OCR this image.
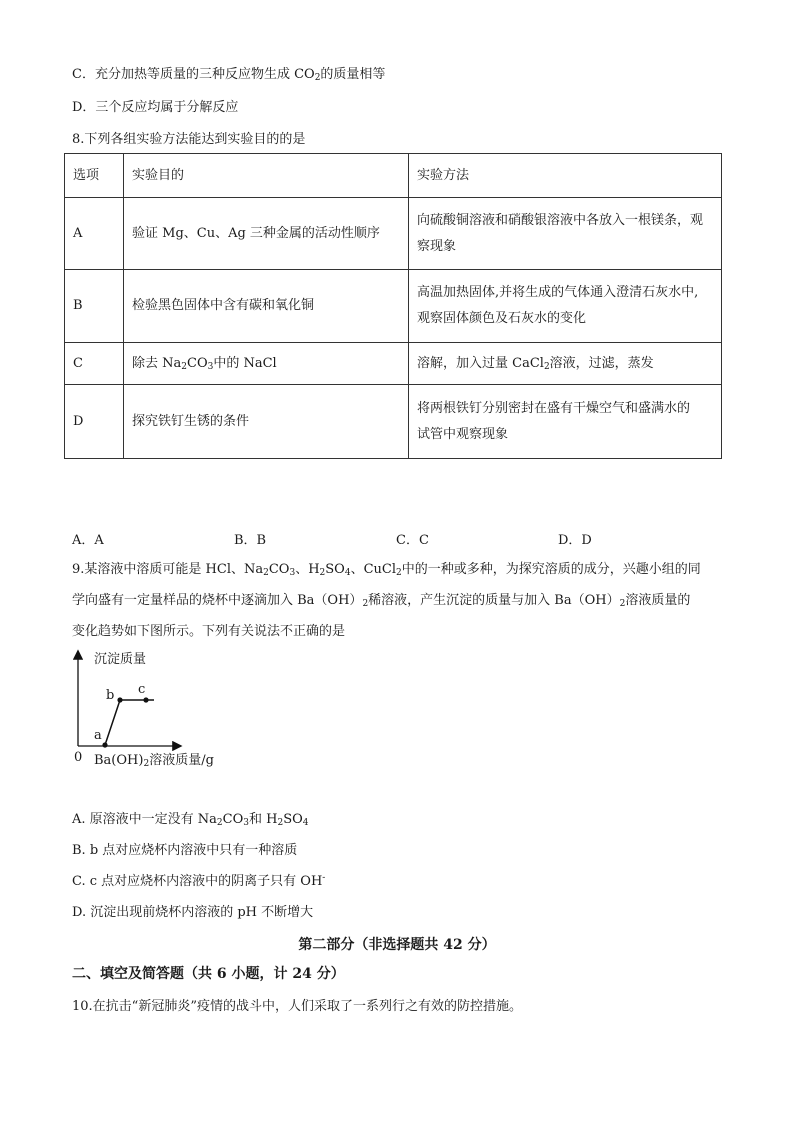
C．充分加热等质量的三种反应物生成 $CO_2$的质量相等
D．三个反应均属于分解反应
8.下列各组实验方法能达到实验目的的是
选项	实验目的	实验方法
A	验证 Mg、Cu、Ag 三种金属的活动性顺序	向硫酸铜溶液和硝酸银溶液中各放入一根镁条，观
察现象

B	检验黑色固体中含有碳和氧化铜	高温加热固体,并将生成的气体通入澄清石灰水中,
观察固体颜色及石灰水的变化

C	除去 $Na_2CO_3$中的 NaCl	溶解，加入过量 CaCl$_2$溶液，过滤，蒸发
D	探究铁钉生锈的条件	将两根铁钉分别密封在盛有干燥空气和盛满水的
试管中观察现象
A．A	B．B	C．C	D．D
9.某溶液中溶质可能是 HCl、$Na_2CO_3$、$H_2SO_4$、CuCl$_2$中的一种或多种，为探究溶质的成分，兴趣小组的同
学向盛有一定量样品的烧杯中逐滴加入 $Ba(OH)_2$稀溶液，产生沉淀的质量与加入 $Ba(OH)_2$溶液质量的
变化趋势如下图所示。下列有关说法不正确的是
沉淀质量
b c
a
0 $Ba(OH)_2$溶液质量/g
A. 原溶液中一定没有 $Na_2CO_3$和 $H_2SO_4$
B. b 点对应烧杯内溶液中只有一种溶质
C. c 点对应烧杯内溶液中的阴离子只有 OH-
D. 沉淀出现前烧杯内溶液的 pH 不断增大
第二部分（非选择题共 42 分）
二、填空及简答题（共 6 小题，计 24 分）
10.在抗击“新冠肺炎”疫情的战斗中，人们采取了一系列行之有效的防控措施。
